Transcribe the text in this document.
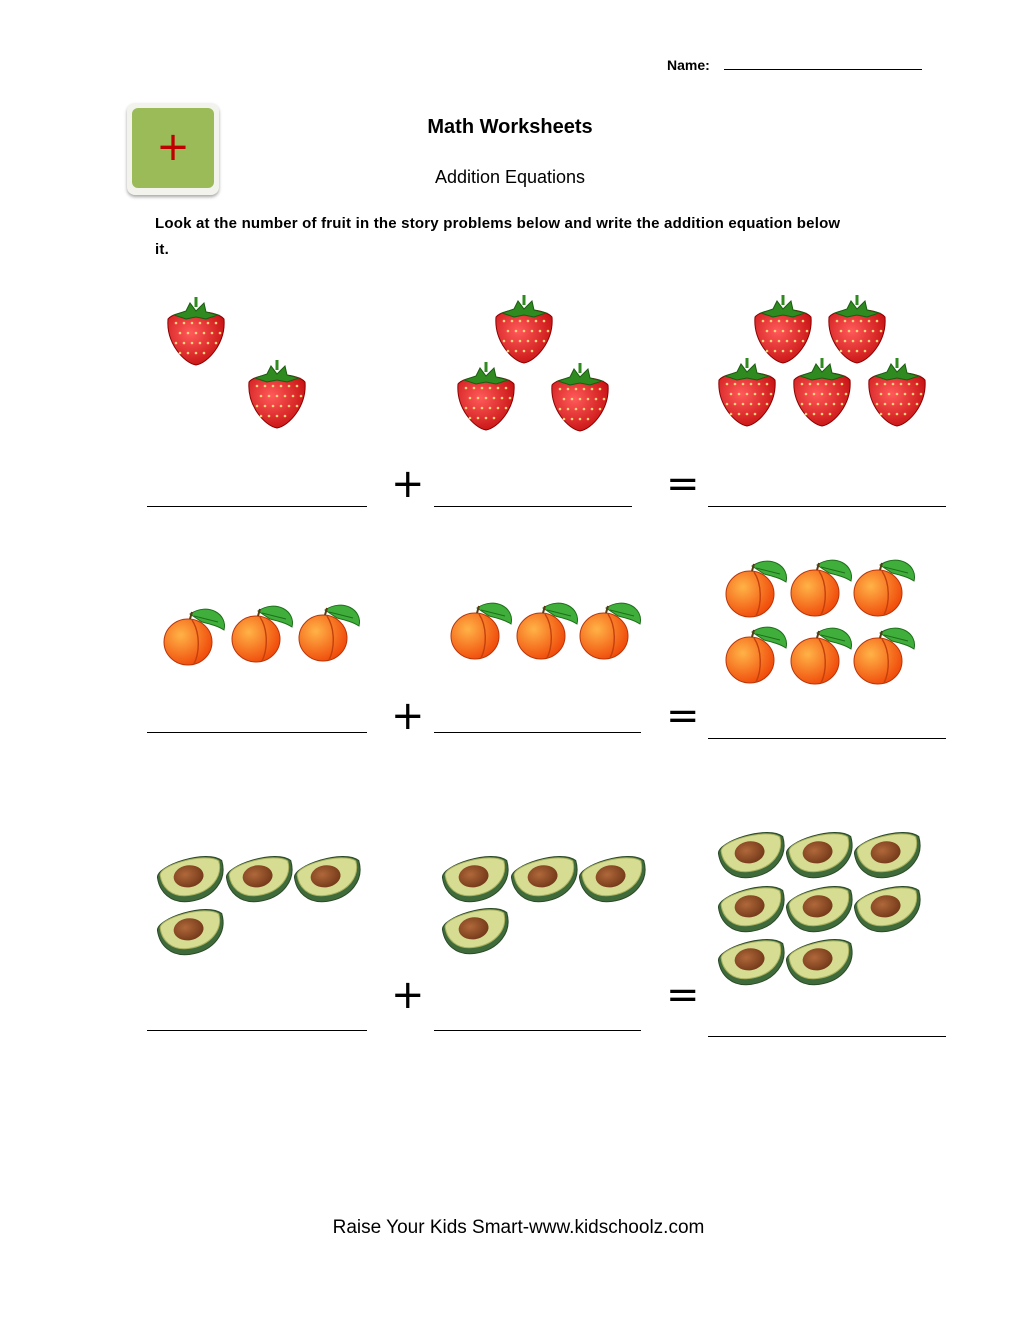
Name:
+	Math Worksheets
Addition Equations
Look at the number of fruit in the story problems below and write the addition equation below it.
+	=
+	=
+	=
Raise Your Kids Smart-www.kidschoolz.com
